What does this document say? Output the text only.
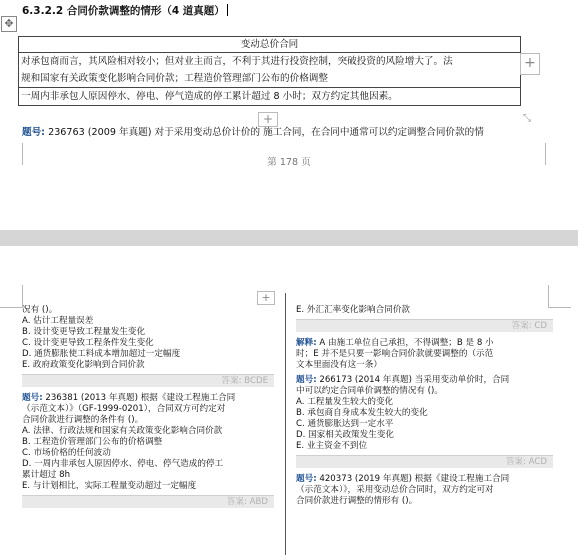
6.3.2.2 合同价款调整的情形（4 道真题）
✥
变动总价合同
对承包商而言，其风险相对较小；但对业主而言，不利于其进行投资控制，突破投资的风险增大了。法
规和国家有关政策变化影响合同价款；工程造价管理部门公布的价格调整
一周内非承包人原因停水、停电、停气造成的停工累计超过 8 小时；双方约定其他因素。
+
+	⤡
题号: 236763 (2009 年真题) 对于采用变动总价计价的 施工合同，在合同中通常可以约定调整合同价款的情
第 178 页
+
况有 ()。
A. 估计工程量误差
B. 设计变更导致工程量发生变化
C. 设计变更导致工程条件发生变化
D. 通货膨胀使工料成本增加超过一定幅度
E. 政府政策变化影响到合同价款
答案: BCDE
题号: 236381 (2013 年真题) 根据《建设工程施工合同
（示范文本）》（GF-1999-0201），合同双方可约定对
合同价款进行调整的条件有 ()。
A. 法律、行政法规和国家有关政策变化影响合同价款
B. 工程造价管理部门公布的价格调整
C. 市场价格的任何波动
D. 一周内非承包人原因停水、停电、停气造成的停工
累计超过 8h
E. 与计划相比，实际工程量变动超过一定幅度
答案: ABD
E. 外汇汇率变化影响合同价款
答案: CD
解释: A 由施工单位自己承担，不得调整；B 是 8 小
时；E 并不是只要一影响合同价款就要调整的（示范
文本里面没有这一条）
题号: 266173 (2014 年真题) 当采用变动单价时，合同
中可以约定合同单价调整的情况有 ()。
A. 工程量发生较大的变化
B. 承包商自身成本发生较大的变化
C. 通货膨胀达到一定水平
D. 国家相关政策发生变化
E. 业主资金不到位
答案: ACD
题号: 420373 (2019 年真题) 根据《建设工程施工合同
（示范文本）》，采用变动总价合同时，双方约定可对
合同价款进行调整的情形有 ()。
